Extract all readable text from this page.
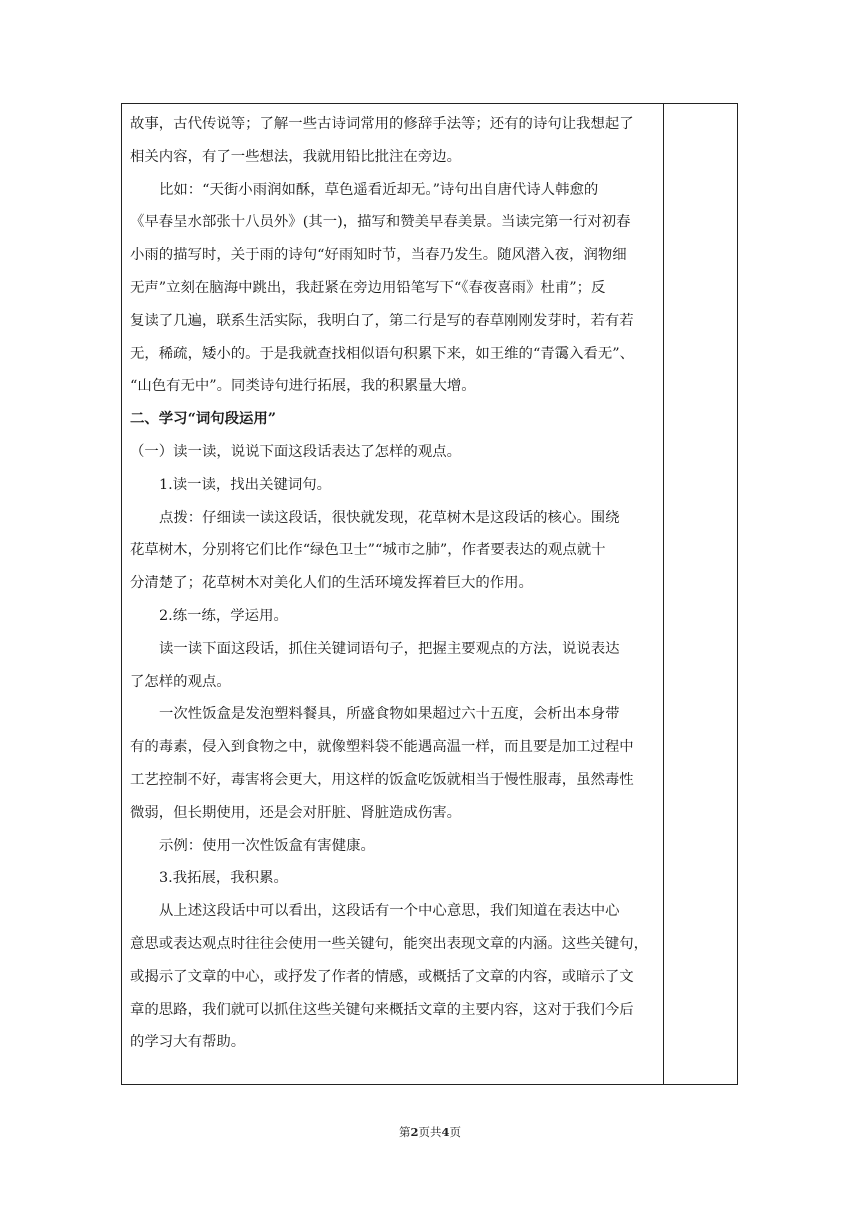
故事，古代传说等；了解一些古诗词常用的修辞手法等；还有的诗句让我想起了

相关内容，有了一些想法，我就用铅比批注在旁边。

比如：“天街小雨润如酥，草色遥看近却无。”诗句出自唐代诗人韩愈的

《早春呈水部张十八员外》(其一)，描写和赞美早春美景。当读完第一行对初春

小雨的描写时，关于雨的诗句“好雨知时节，当春乃发生。随风潜入夜，润物细

无声”立刻在脑海中跳出，我赶紧在旁边用铅笔写下“《春夜喜雨》杜甫”；反

复读了几遍，联系生活实际，我明白了，第二行是写的春草刚刚发芽时，若有若

无，稀疏，矮小的。于是我就查找相似语句积累下来，如王维的“青霭入看无”、

“山色有无中”。同类诗句进行拓展，我的积累量大增。

二、学习“词句段运用”

（一）读一读，说说下面这段话表达了怎样的观点。

1.读一读，找出关键词句。

点拨：仔细读一读这段话，很快就发现，花草树木是这段话的核心。围绕

花草树木，分别将它们比作“绿色卫士”“城市之肺”，作者要表达的观点就十

分清楚了；花草树木对美化人们的生活环境发挥着巨大的作用。

2.练一练，学运用。

读一读下面这段话，抓住关键词语句子，把握主要观点的方法，说说表达

了怎样的观点。

一次性饭盒是发泡塑料餐具，所盛食物如果超过六十五度，会析出本身带

有的毒素，侵入到食物之中，就像塑料袋不能遇高温一样，而且要是加工过程中

工艺控制不好，毒害将会更大，用这样的饭盒吃饭就相当于慢性服毒，虽然毒性

微弱，但长期使用，还是会对肝脏、肾脏造成伤害。

示例：使用一次性饭盒有害健康。

3.我拓展，我积累。

从上述这段话中可以看出，这段话有一个中心意思，我们知道在表达中心

意思或表达观点时往往会使用一些关键句，能突出表现文章的内涵。这些关键句，

或揭示了文章的中心，或抒发了作者的情感，或概括了文章的内容，或暗示了文

章的思路，我们就可以抓住这些关键句来概括文章的主要内容，这对于我们今后

的学习大有帮助。

第2页共4页
